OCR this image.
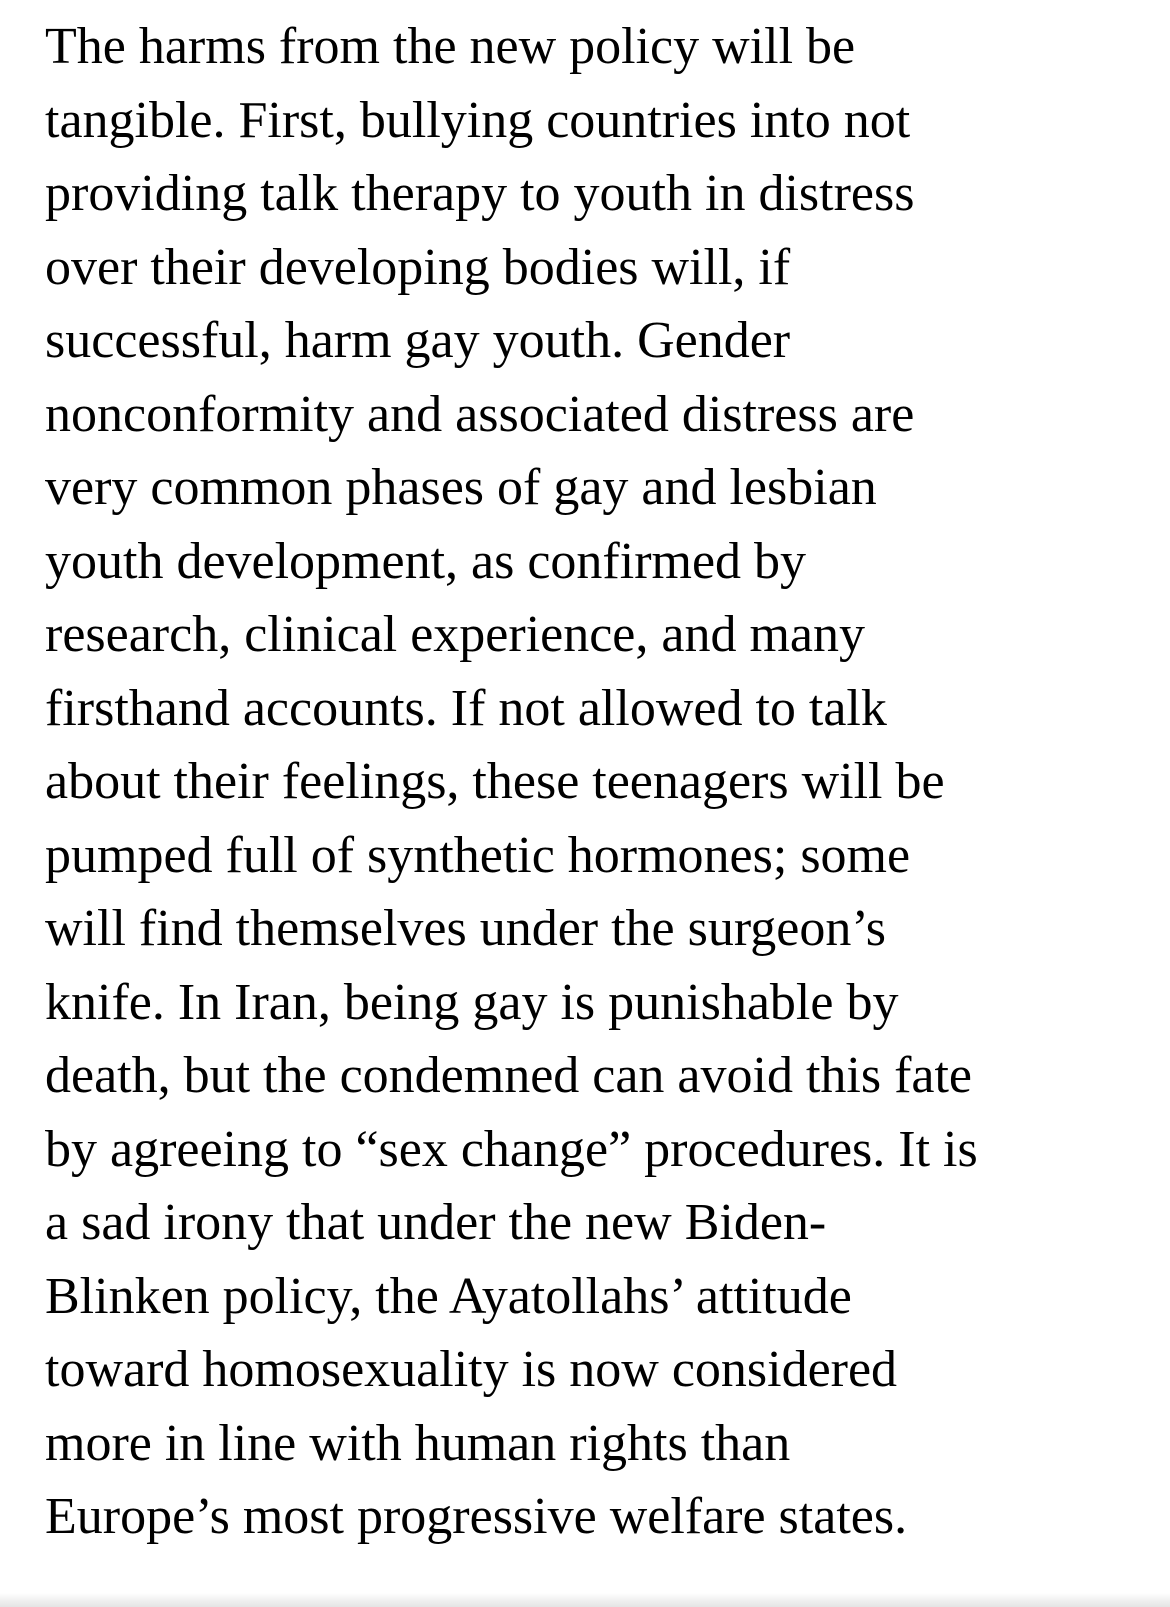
The harms from the new policy will be
tangible. First, bullying countries into not
providing talk therapy to youth in distress
over their developing bodies will, if
successful, harm gay youth. Gender
nonconformity and associated distress are
very common phases of gay and lesbian
youth development, as confirmed by
research, clinical experience, and many
firsthand accounts. If not allowed to talk
about their feelings, these teenagers will be
pumped full of synthetic hormones; some
will find themselves under the surgeon’s
knife. In Iran, being gay is punishable by
death, but the condemned can avoid this fate
by agreeing to “sex change” procedures. It is
a sad irony that under the new Biden-
Blinken policy, the Ayatollahs’ attitude
toward homosexuality is now considered
more in line with human rights than
Europe’s most progressive welfare states.
